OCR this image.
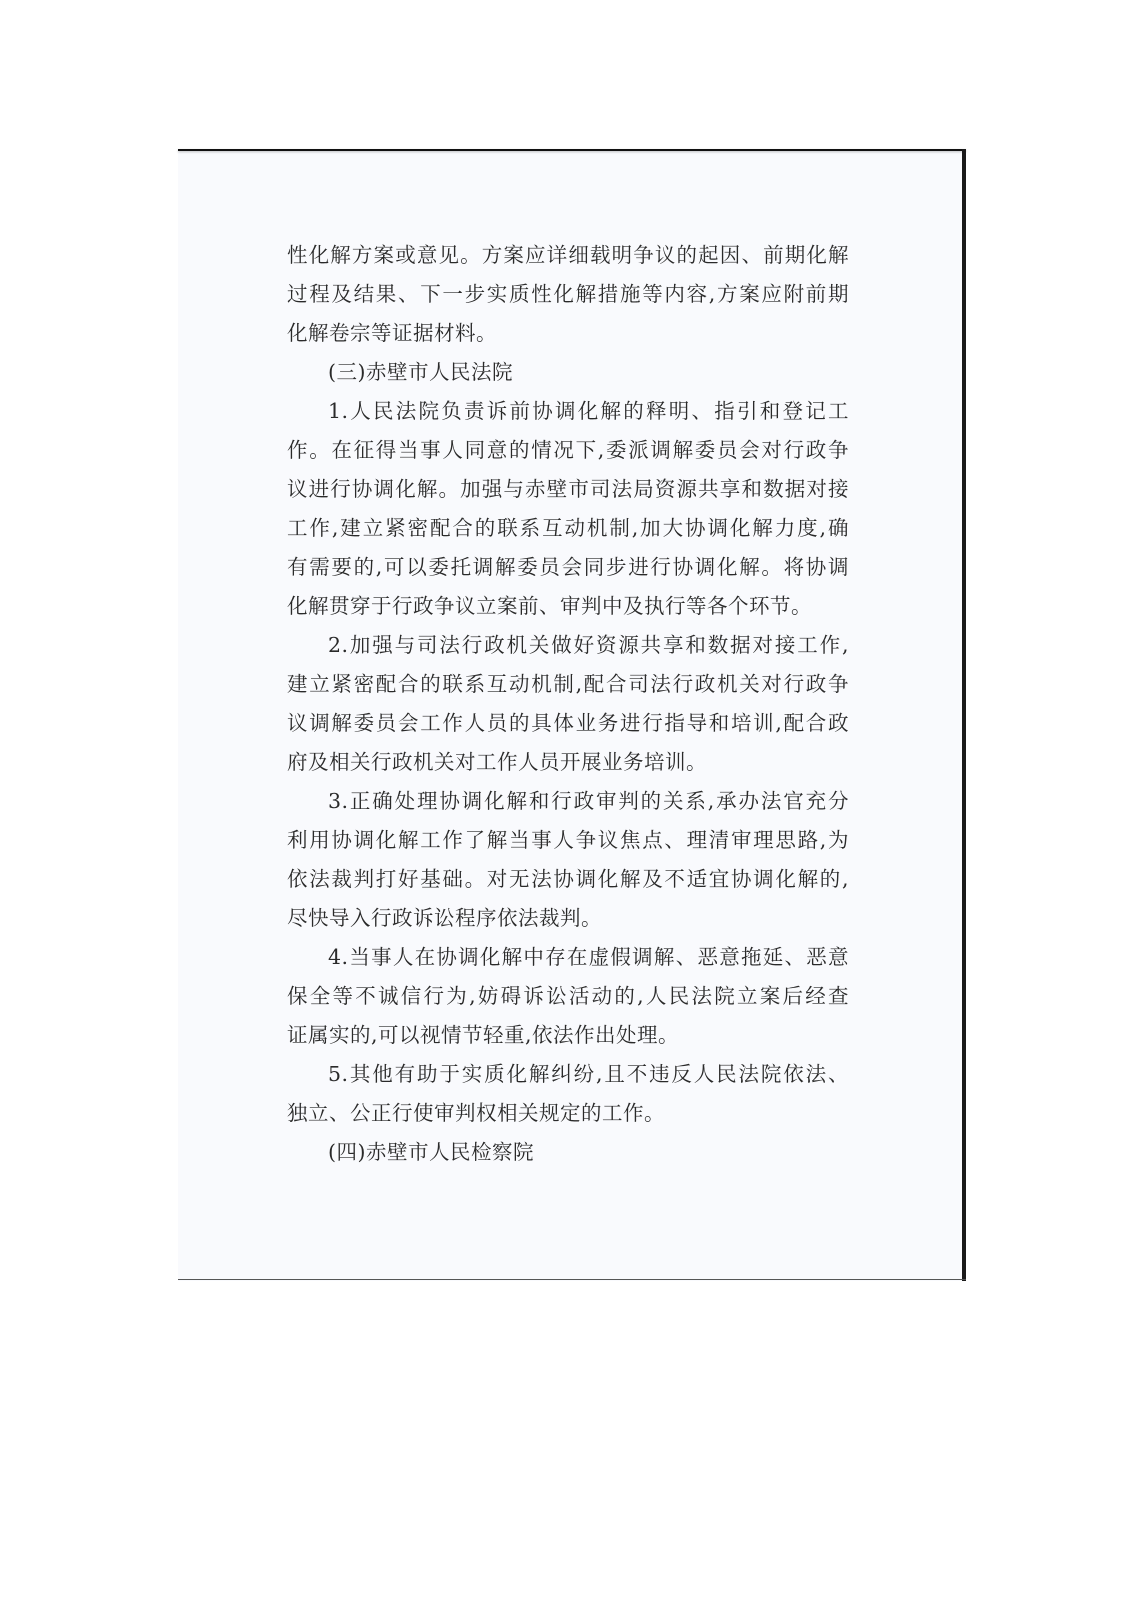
性化解方案或意见。方案应详细载明争议的起因、前期化解
过程及结果、下一步实质性化解措施等内容,方案应附前期
化解卷宗等证据材料。
(三)赤壁市人民法院
1.人民法院负责诉前协调化解的释明、指引和登记工
作。在征得当事人同意的情况下,委派调解委员会对行政争
议进行协调化解。加强与赤壁市司法局资源共享和数据对接
工作,建立紧密配合的联系互动机制,加大协调化解力度,确
有需要的,可以委托调解委员会同步进行协调化解。将协调
化解贯穿于行政争议立案前、审判中及执行等各个环节。
2.加强与司法行政机关做好资源共享和数据对接工作,
建立紧密配合的联系互动机制,配合司法行政机关对行政争
议调解委员会工作人员的具体业务进行指导和培训,配合政
府及相关行政机关对工作人员开展业务培训。
3.正确处理协调化解和行政审判的关系,承办法官充分
利用协调化解工作了解当事人争议焦点、理清审理思路,为
依法裁判打好基础。对无法协调化解及不适宜协调化解的,
尽快导入行政诉讼程序依法裁判。
4.当事人在协调化解中存在虚假调解、恶意拖延、恶意
保全等不诚信行为,妨碍诉讼活动的,人民法院立案后经查
证属实的,可以视情节轻重,依法作出处理。
5.其他有助于实质化解纠纷,且不违反人民法院依法、
独立、公正行使审判权相关规定的工作。
(四)赤壁市人民检察院
